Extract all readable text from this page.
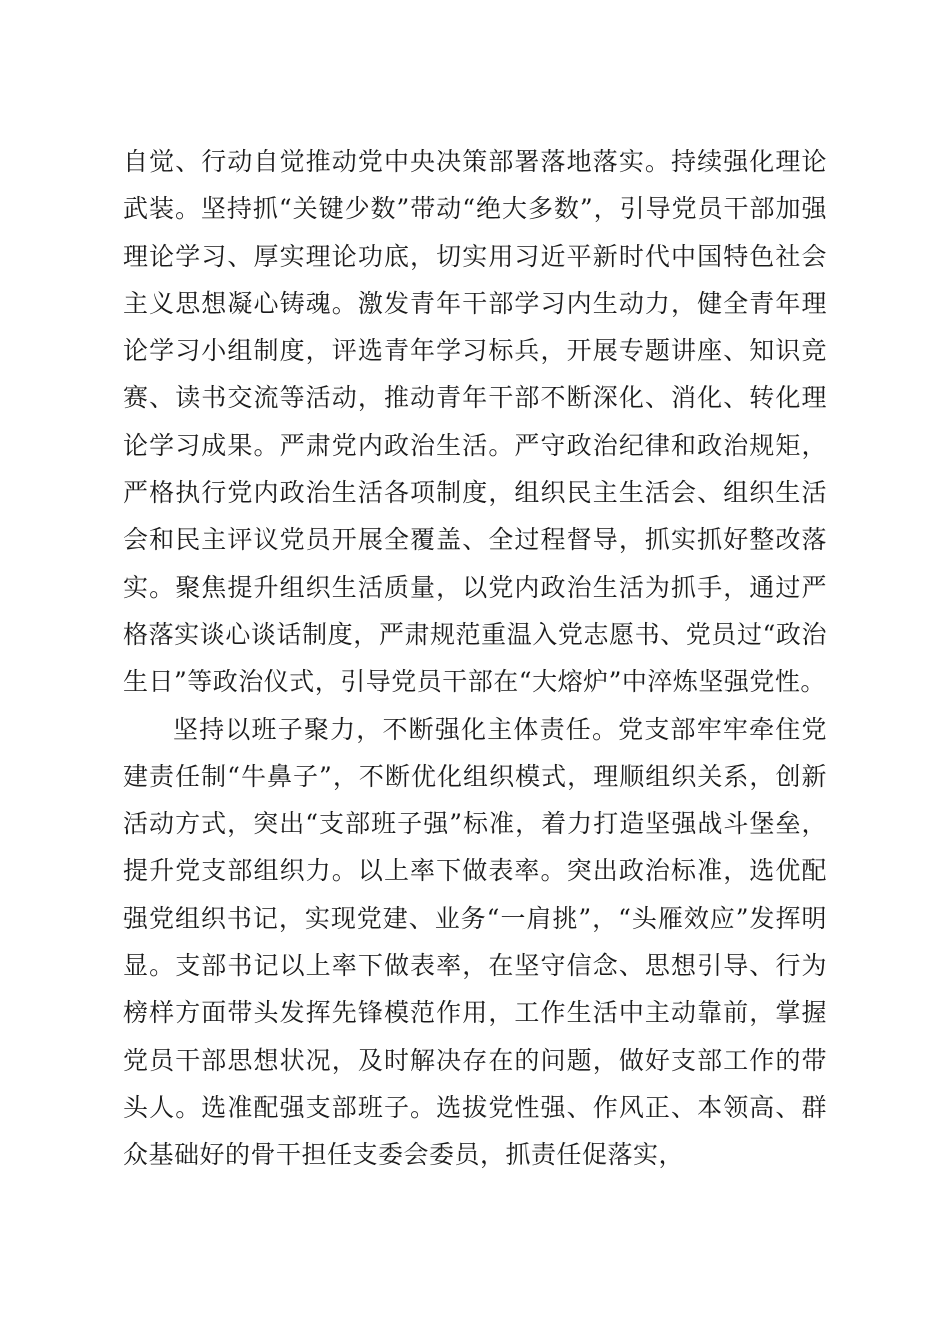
自觉、行动自觉推动党中央决策部署落地落实。持续强化理论武装。坚持抓“关键少数”带动“绝大多数”，引导党员干部加强理论学习、厚实理论功底，切实用习近平新时代中国特色社会主义思想凝心铸魂。激发青年干部学习内生动力，健全青年理论学习小组制度，评选青年学习标兵，开展专题讲座、知识竞赛、读书交流等活动，推动青年干部不断深化、消化、转化理论学习成果。严肃党内政治生活。严守政治纪律和政治规矩，严格执行党内政治生活各项制度，组织民主生活会、组织生活会和民主评议党员开展全覆盖、全过程督导，抓实抓好整改落实。聚焦提升组织生活质量，以党内政治生活为抓手，通过严格落实谈心谈话制度，严肃规范重温入党志愿书、党员过“政治生日”等政治仪式，引导党员干部在“大熔炉”中淬炼坚强党性。

坚持以班子聚力，不断强化主体责任。党支部牢牢牵住党建责任制“牛鼻子”，不断优化组织模式，理顺组织关系，创新活动方式，突出“支部班子强”标准，着力打造坚强战斗堡垒，提升党支部组织力。以上率下做表率。突出政治标准，选优配强党组织书记，实现党建、业务“一肩挑”，“头雁效应”发挥明显。支部书记以上率下做表率，在坚守信念、思想引导、行为榜样方面带头发挥先锋模范作用，工作生活中主动靠前，掌握党员干部思想状况，及时解决存在的问题，做好支部工作的带头人。选准配强支部班子。选拔党性强、作风正、本领高、群众基础好的骨干担任支委会委员，抓责任促落实，
